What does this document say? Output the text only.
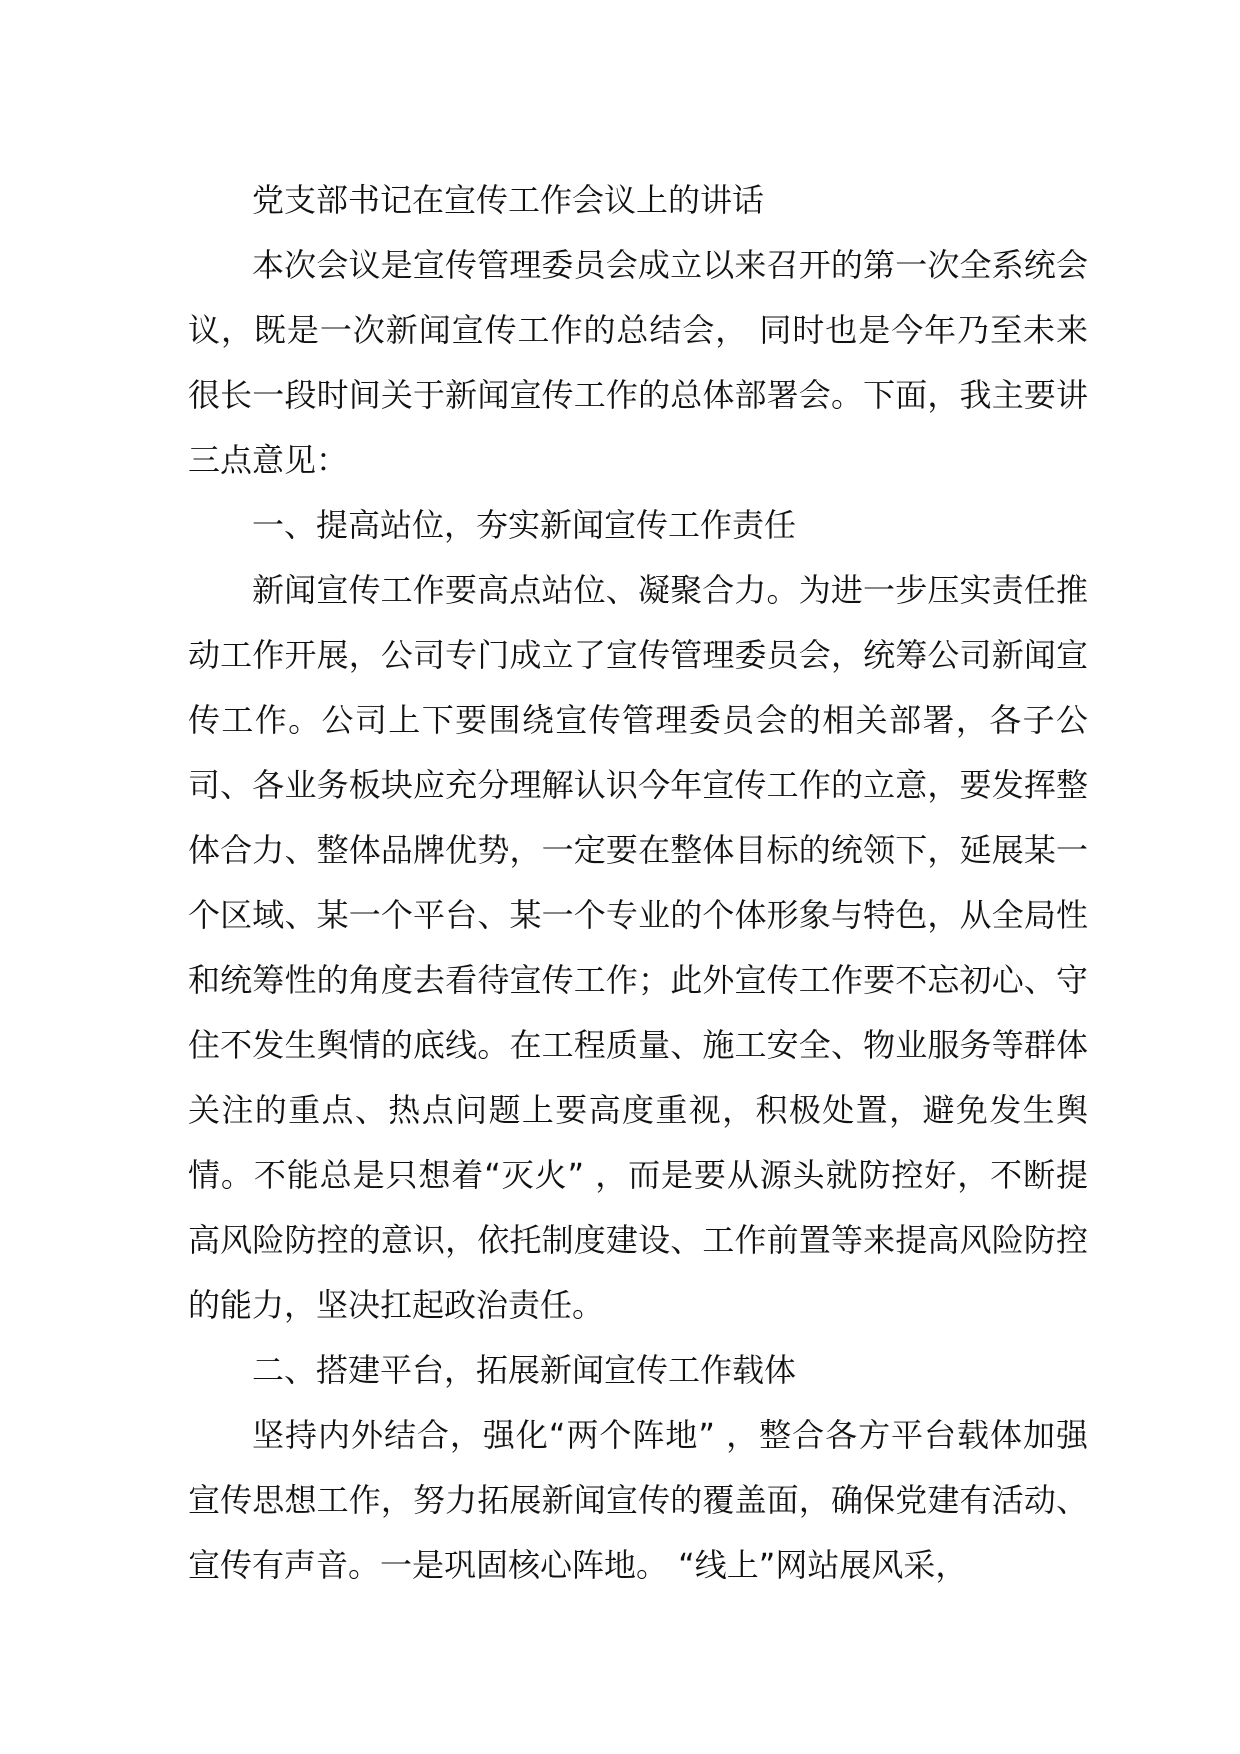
党支部书记在宣传工作会议上的讲话

本次会议是宣传管理委员会成立以来召开的第一次全系统会议，既是一次新闻宣传工作的总结会， 同时也是今年乃至未来很长一段时间关于新闻宣传工作的总体部署会。下面，我主要讲三点意见：

一、提高站位，夯实新闻宣传工作责任

新闻宣传工作要高点站位、凝聚合力。为进一步压实责任推动工作开展，公司专门成立了宣传管理委员会，统筹公司新闻宣传工作。公司上下要围绕宣传管理委员会的相关部署，各子公司、各业务板块应充分理解认识今年宣传工作的立意，要发挥整体合力、整体品牌优势，一定要在整体目标的统领下，延展某一个区域、某一个平台、某一个专业的个体形象与特色，从全局性和统筹性的角度去看待宣传工作；此外宣传工作要不忘初心、守住不发生舆情的底线。在工程质量、施工安全、物业服务等群体关注的重点、热点问题上要高度重视，积极处置，避免发生舆情。不能总是只想着“灭火” ，而是要从源头就防控好，不断提高风险防控的意识，依托制度建设、工作前置等来提高风险防控的能力，坚决扛起政治责任。

二、搭建平台，拓展新闻宣传工作载体

坚持内外结合，强化“两个阵地” ，整合各方平台载体加强宣传思想工作，努力拓展新闻宣传的覆盖面，确保党建有活动、宣传有声音。一是巩固核心阵地。 “线上”网站展风采，
